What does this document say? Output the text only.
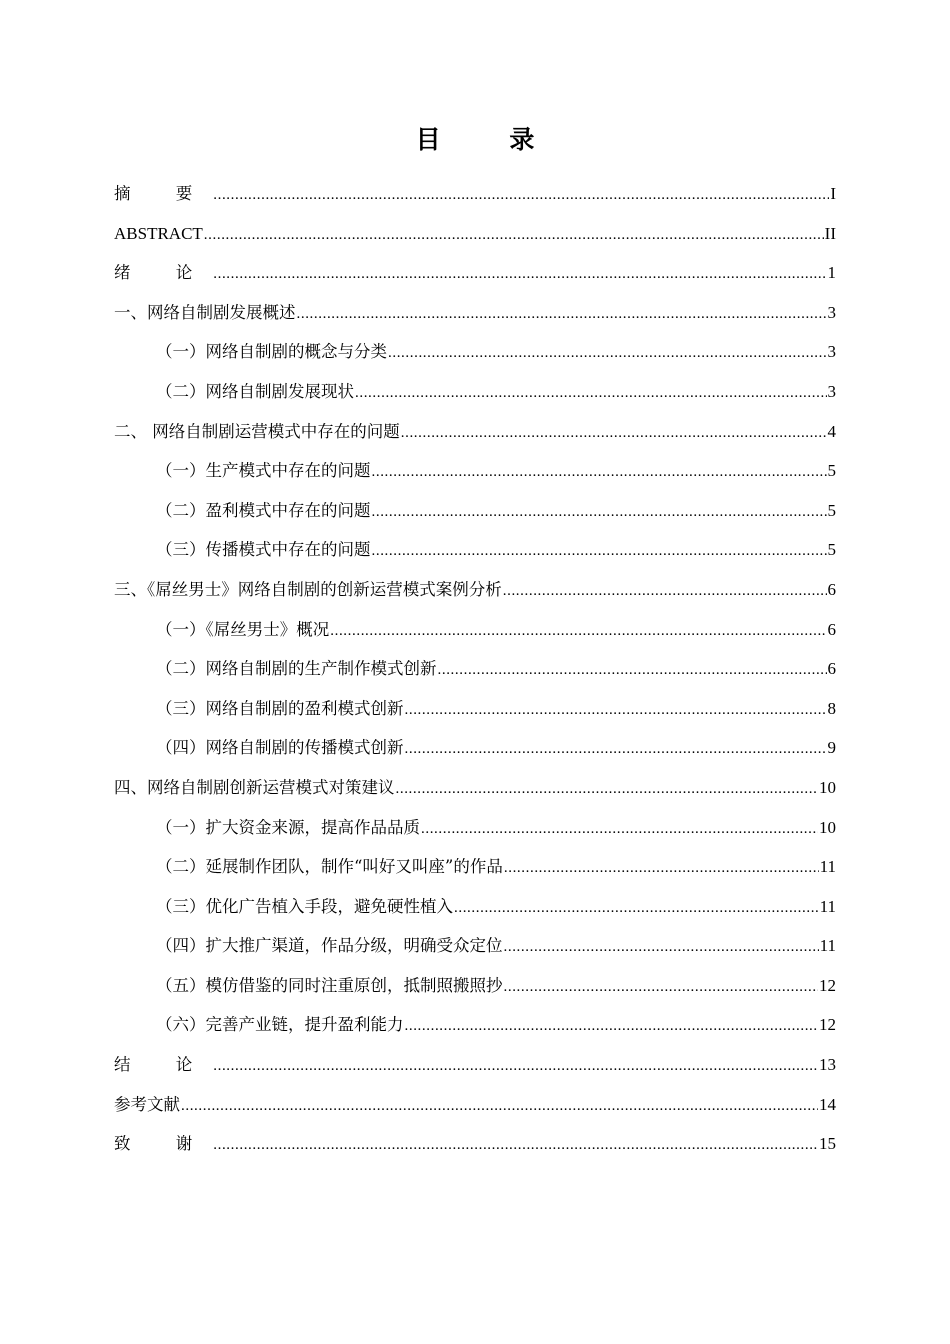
目 录
摘 要 .....	I
ABSTRACT .....	II
绪 论 .....	1
一、网络自制剧发展概述 .....	3
（一）网络自制剧的概念与分类 .....	3
（二）网络自制剧发展现状 .....	3
二、 网络自制剧运营模式中存在的问题 .....	4
（一）生产模式中存在的问题 .....	5
（二）盈利模式中存在的问题 .....	5
（三）传播模式中存在的问题 .....	5
三、《屌丝男士》网络自制剧的创新运营模式案例分析 .....	6
（一）《屌丝男士》概况 .....	6
（二）网络自制剧的生产制作模式创新 .....	6
（三）网络自制剧的盈利模式创新 .....	8
（四）网络自制剧的传播模式创新 .....	9
四、网络自制剧创新运营模式对策建议 .....	10
（一）扩大资金来源，提高作品品质 .....	10
（二）延展制作团队，制作“叫好又叫座”的作品 .....	11
（三）优化广告植入手段，避免硬性植入 .....	11
（四）扩大推广渠道，作品分级，明确受众定位 .....	11
（五）模仿借鉴的同时注重原创，抵制照搬照抄 .....	12
（六）完善产业链，提升盈利能力 .....	12
结 论 .....	13
参考文献 .....	14
致 谢 .....	15
